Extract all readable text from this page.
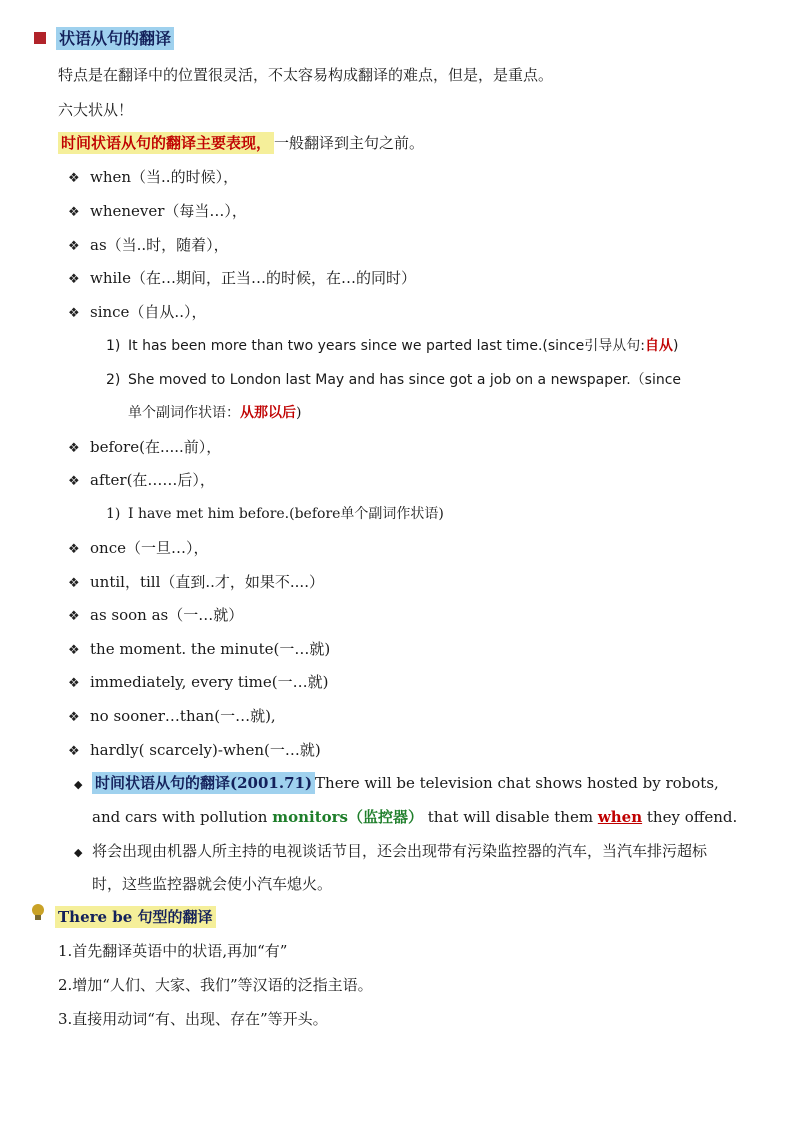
状语从句的翻译
特点是在翻译中的位置很灵活，不太容易构成翻译的难点，但是，是重点。
六大状从！
时间状语从句的翻译主要表现， 一般翻译到主句之前。
❖ when（当..的时候），
❖ whenever（每当…），
❖ as（当..时，随着），
❖ while（在…期间，正当…的时候，在…的同时）
❖ since（自从..），
1) It has been more than two years since we parted last time.(since引导从句:自从)
2) She moved to London last May and has since got a job on a newspaper.（since
单个副词作状语：从那以后)
❖ before(在.....前），
❖ after(在……后），
1) I have met him before.(before单个副词作状语)
❖ once（一旦…），
❖ until，till（直到..才，如果不....）
❖ as soon as（一…就）
❖ the moment. the minute(一…就)
❖ immediately, every time(一…就)
❖ no sooner…than(一…就),
❖ hardly( scarcely)-when(一…就)
◆ 时间状语从句的翻译(2001.71) There will be television chat shows hosted by robots,
and cars with pollution monitors（监控器） that will disable them when they offend.
◆ 将会出现由机器人所主持的电视谈话节目，还会出现带有污染监控器的汽车，当汽车排污超标
时，这些监控器就会使小汽车熄火。
There be 句型的翻译
1.首先翻译英语中的状语,再加“有”
2.增加“人们、大家、我们”等汉语的泛指主语。
3.直接用动词“有、出现、存在”等开头。
